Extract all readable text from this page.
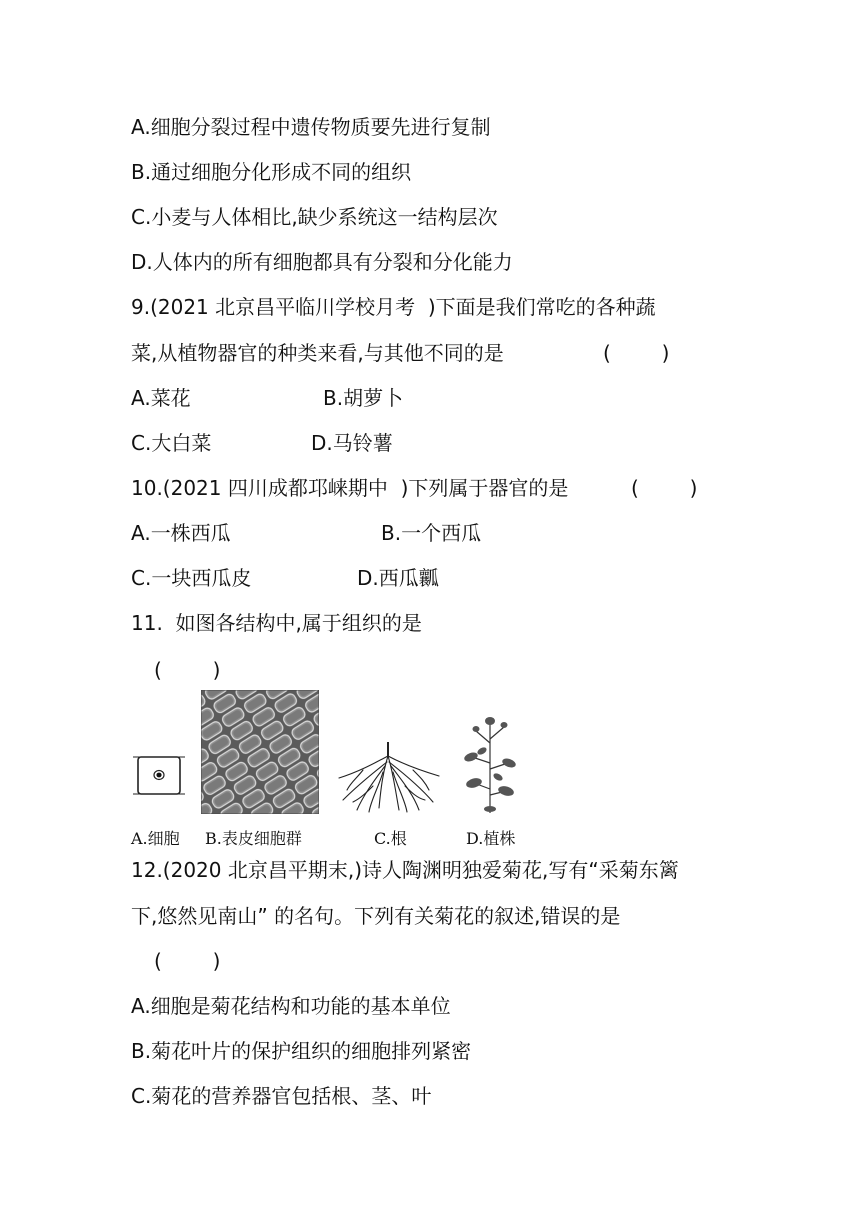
A.细胞分裂过程中遗传物质要先进行复制
B.通过细胞分化形成不同的组织
C.小麦与人体相比,缺少系统这一结构层次
D.人体内的所有细胞都具有分裂和分化能力
9.(2021 北京昌平临川学校月考  )下面是我们常吃的各种蔬
菜,从植物器官的种类来看,与其他不同的是	(        )
A.菜花	B.胡萝卜
C.大白菜	D.马铃薯
10.(2021 四川成都邛崃期中  )下列属于器官的是	(        )
A.一株西瓜	B.一个西瓜
C.一块西瓜皮	D.西瓜瓤
11.  如图各结构中,属于组织的是
(        )
A.细胞 B.表皮细胞群	C.根	D.植株
12.(2020 北京昌平期末,)诗人陶渊明独爱菊花,写有“采菊东篱
下,悠然见南山” 的名句。下列有关菊花的叙述,错误的是
(        )
A.细胞是菊花结构和功能的基本单位
B.菊花叶片的保护组织的细胞排列紧密
C.菊花的营养器官包括根、茎、叶
